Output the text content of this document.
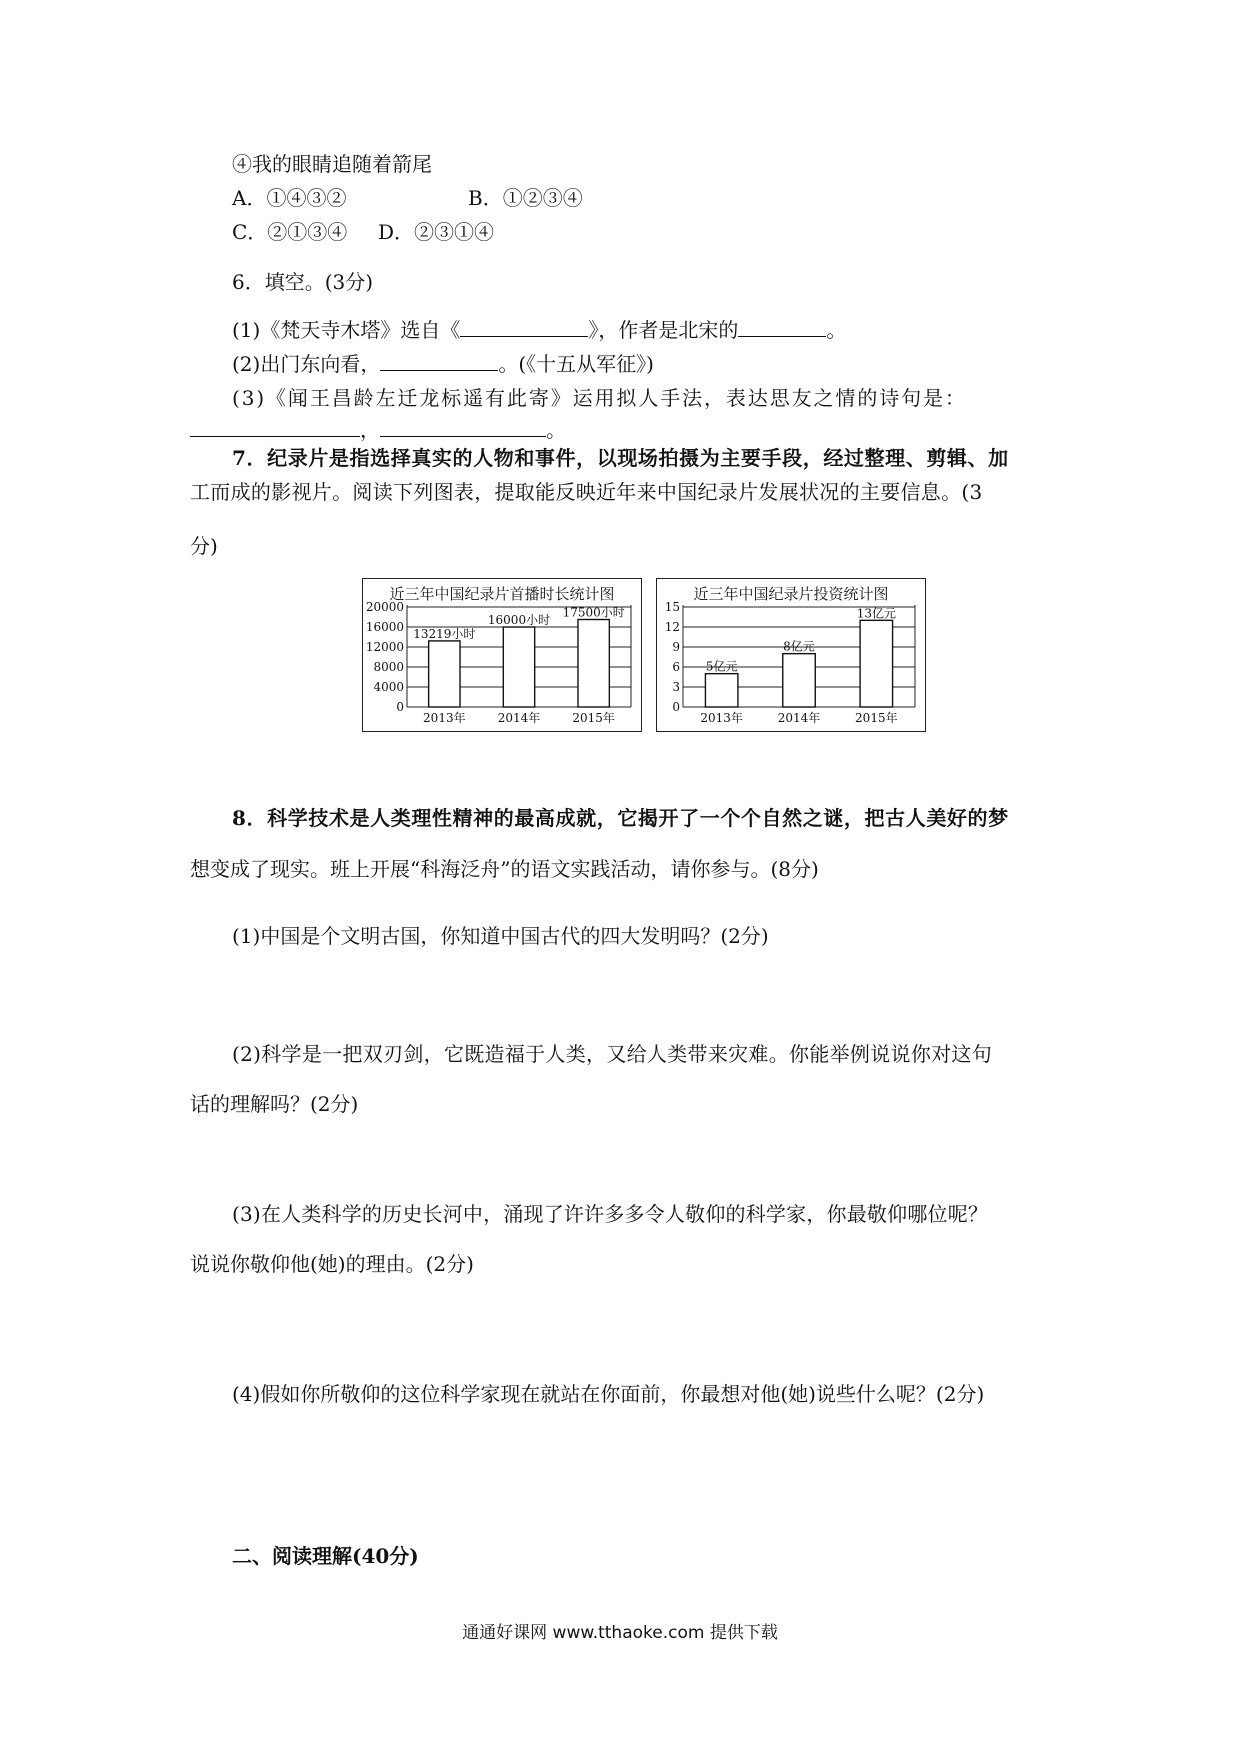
④我的眼睛追随着箭尾
A．①④③②	B．①②③④
C．②①③④ D．②③①④
6．填空。(3分)
(1)《梵天寺木塔》选自《	》，作者是北宋的	。
(2)出门东向看，	。(《十五从军征》)
(3)《闻王昌龄左迁龙标遥有此寄》运用拟人手法，表达思友之情的诗句是：
，	。
7．纪录片是指选择真实的人物和事件，以现场拍摄为主要手段，经过整理、剪辑、加
工而成的影视片。阅读下列图表，提取能反映近年来中国纪录片发展状况的主要信息。(3
分)
近三年中国纪录片首播时长统计图
0
4000
8000
12000
16000
20000
13219小时
2013年
16000小时
2014年
17500小时
2015年
近三年中国纪录片投资统计图
0
3
6
9
12
15
5亿元
2013年
8亿元
2014年
13亿元
2015年
8．科学技术是人类理性精神的最高成就，它揭开了一个个自然之谜，把古人美好的梦
想变成了现实。班上开展“科海泛舟”的语文实践活动，请你参与。(8分)
(1)中国是个文明古国，你知道中国古代的四大发明吗？(2分)
(2)科学是一把双刃剑，它既造福于人类，又给人类带来灾难。你能举例说说你对这句
话的理解吗？(2分)
(3)在人类科学的历史长河中，涌现了许许多多令人敬仰的科学家，你最敬仰哪位呢？
说说你敬仰他(她)的理由。(2分)
(4)假如你所敬仰的这位科学家现在就站在你面前，你最想对他(她)说些什么呢？(2分)
二、阅读理解(40分)
通通好课网 www.tthaoke.com 提供下载
